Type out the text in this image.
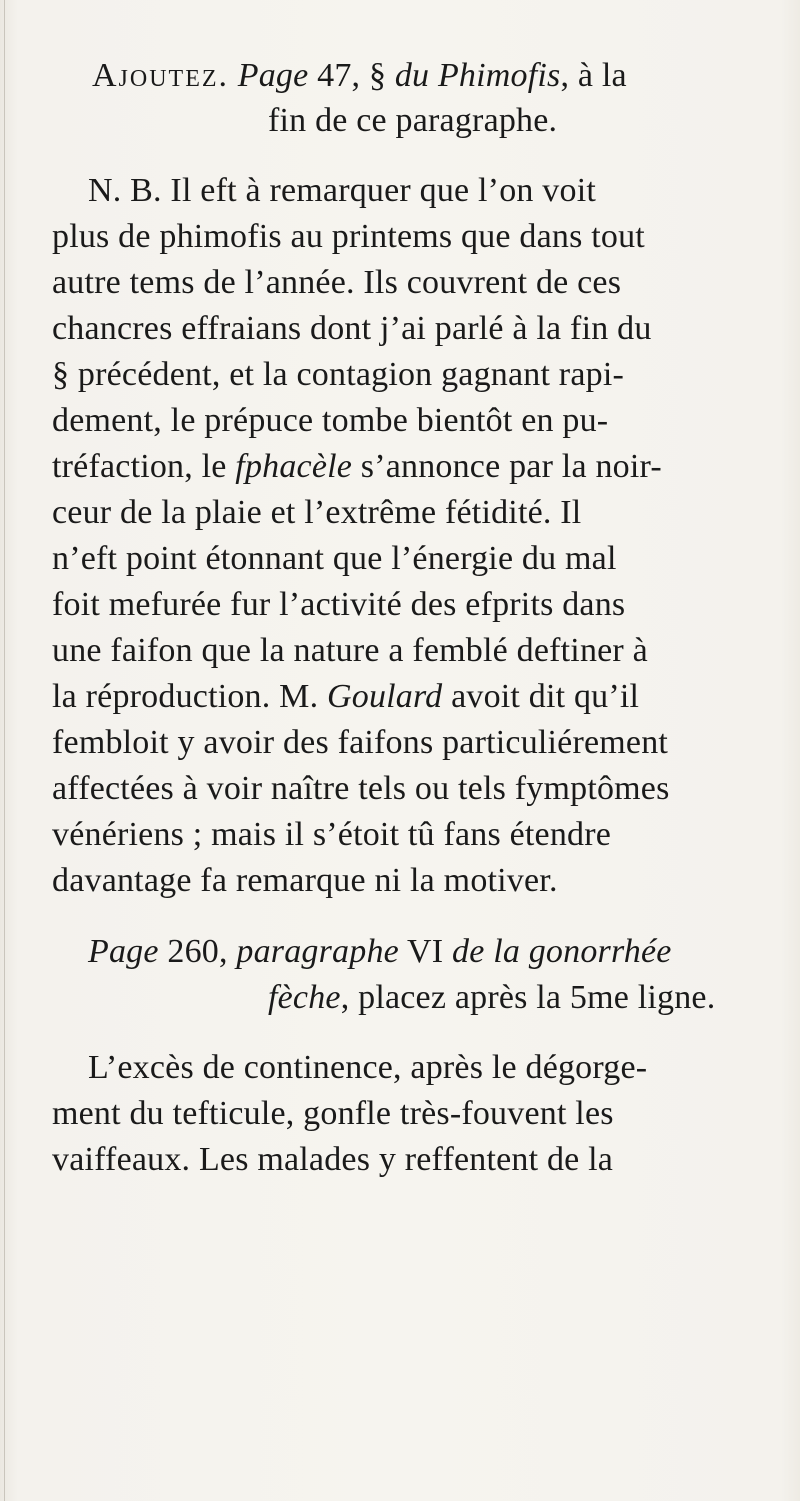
Ajoutez. Page 47, § du Phimofis, à la
fin de ce paragraphe.
N. B. Il eft à remarquer que l’on voit
plus de phimofis au printems que dans tout
autre tems de l’année. Ils couvrent de ces
chancres effraians dont j’ai parlé à la fin du
§ précédent, et la contagion gagnant rapi-
dement, le prépuce tombe bientôt en pu-
tréfaction, le fphacèle s’annonce par la noir-
ceur de la plaie et l’extrême fétidité. Il
n’eft point étonnant que l’énergie du mal
foit mefurée fur l’activité des efprits dans
une faifon que la nature a femblé deftiner à
la réproduction. M. Goulard avoit dit qu’il
fembloit y avoir des faifons particuliérement
affectées à voir naître tels ou tels fymptômes
vénériens ; mais il s’étoit tû fans étendre
davantage fa remarque ni la motiver.
Page 260, paragraphe VI de la gonorrhée
fèche, placez après la 5me ligne.
L’excès de continence, après le dégorge-
ment du tefticule, gonfle très-fouvent les
vaiffeaux. Les malades y reffentent de la
